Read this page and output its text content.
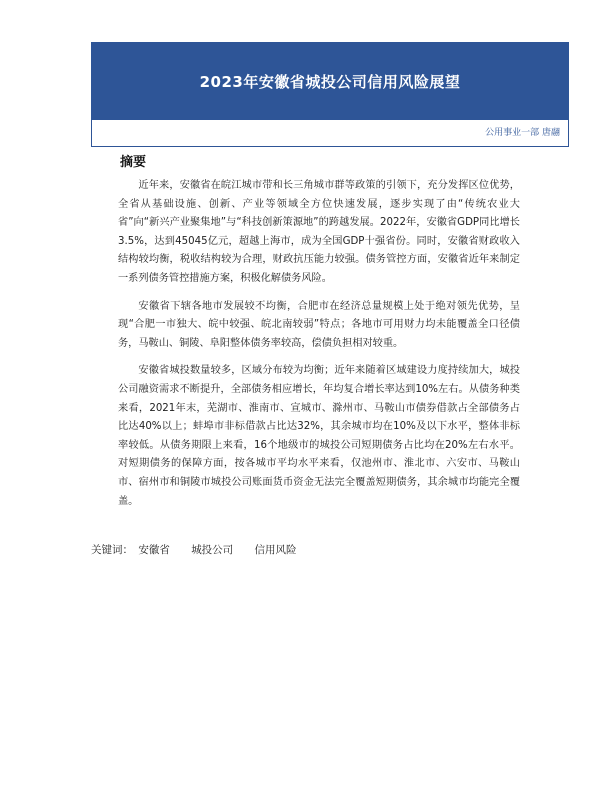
2023年安徽省城投公司信用风险展望
公用事业一部 唐翮
摘要

近年来，安徽省在皖江城市带和长三角城市群等政策的引领下，充分发挥区位优势，全省从基础设施、创新、产业等领域全方位快速发展，逐步实现了由“传统农业大省”向“新兴产业聚集地”与“科技创新策源地”的跨越发展。2022年，安徽省GDP同比增长3.5%，达到45045亿元，超越上海市，成为全国GDP十强省份。同时，安徽省财政收入结构较均衡，税收结构较为合理，财政抗压能力较强。债务管控方面，安徽省近年来制定一系列债务管控措施方案，积极化解债务风险。

安徽省下辖各地市发展较不均衡，合肥市在经济总量规模上处于绝对领先优势，呈现“合肥一市独大、皖中较强、皖北南较弱”特点；各地市可用财力均未能覆盖全口径债务，马鞍山、铜陵、阜阳整体债务率较高，偿债负担相对较重。

安徽省城投数量较多，区域分布较为均衡；近年来随着区域建设力度持续加大，城投公司融资需求不断提升，全部债务相应增长，年均复合增长率达到10%左右。从债务种类来看，2021年末，芜湖市、淮南市、宣城市、滁州市、马鞍山市债券借款占全部债务占比达40%以上；蚌埠市非标借款占比达32%，其余城市均在10%及以下水平，整体非标率较低。从债务期限上来看，16个地级市的城投公司短期债务占比均在20%左右水平。对短期债务的保障方面，按各城市平均水平来看，仅池州市、淮北市、六安市、马鞍山市、宿州市和铜陵市城投公司账面货币资金无法完全覆盖短期债务，其余城市均能完全覆盖。

关键词： 安徽省 城投公司 信用风险
